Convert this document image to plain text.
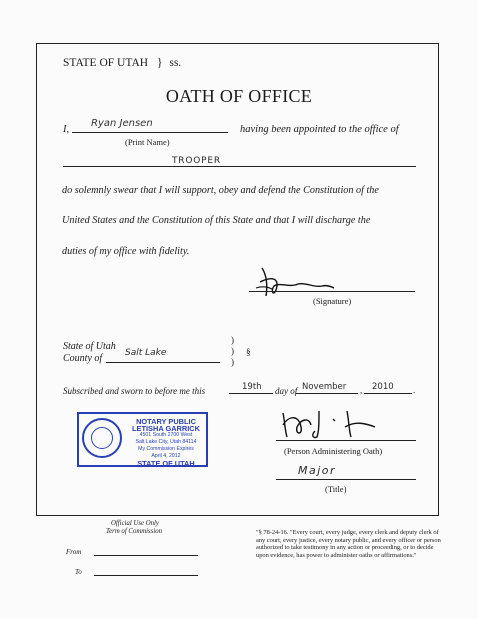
STATE OF UTAH } ss.
OATH OF OFFICE
I,
Ryan Jensen
(Print Name)
having been appointed to the office of
TROOPER
do solemnly swear that I will support, obey and defend the Constitution of the
United States and the Constitution of this State and that I will discharge the
duties of my office with fidelity.
(Signature)
State of Utah
County of	Salt Lake
)
)
)
§
Subscribed and sworn to before me this	19th day of November , 2010 .
NOTARY PUBLIC
LETISHA GARRICK
4501 South 2700 West
Salt Lake City, Utah 84114
My Commission Expires
April 4, 2012
STATE OF UTAH
(Person Administering Oath)
Major
(Title)
Official Use Only
Term of Commission
From
To
"§ 78-24-16. "Every court, every judge, every clerk and deputy clerk of any court, every justice, every notary public, and every officer or person authorized to take testimony in any action or proceeding, or to decide upon evidence, has power to administer oaths or affirmations."
